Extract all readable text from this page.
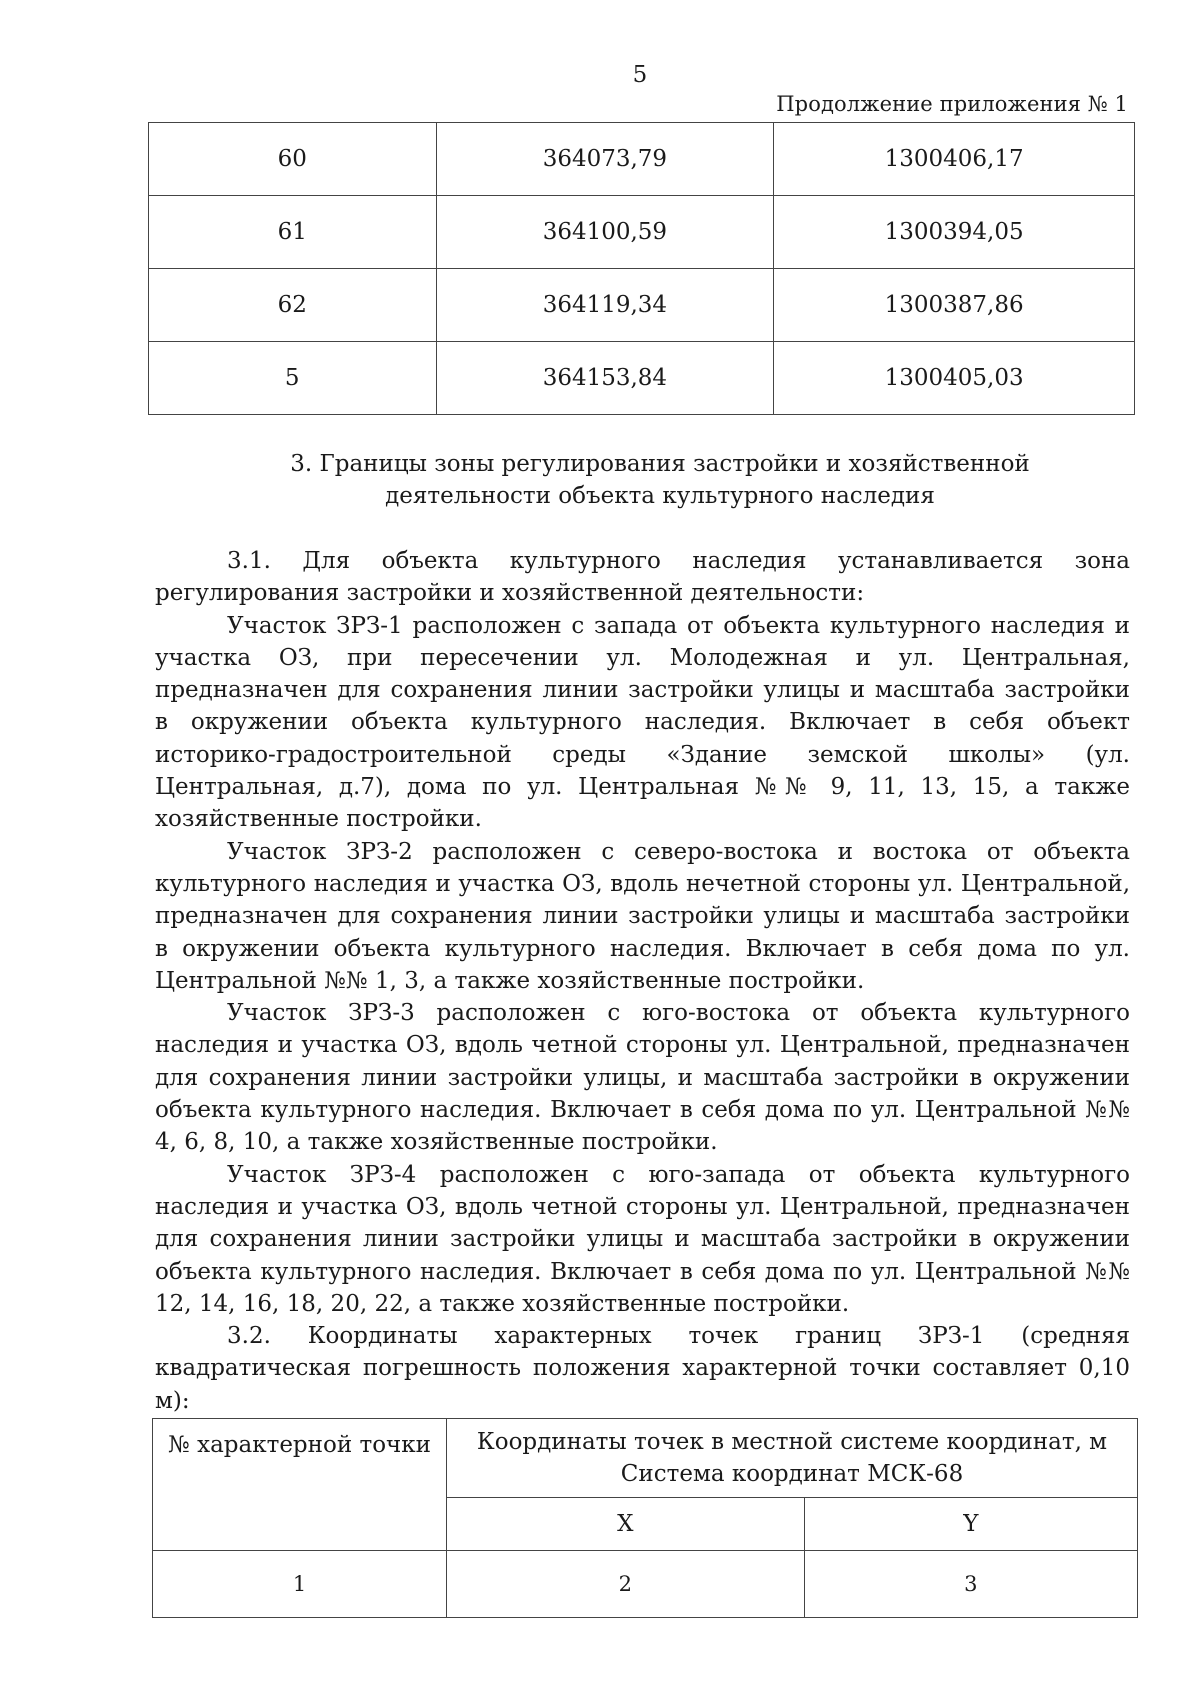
5
Продолжение приложения № 1
60	364073,79	1300406,17
61	364100,59	1300394,05
62	364119,34	1300387,86
5	364153,84	1300405,03
3. Границы зоны регулирования застройки и хозяйственной
деятельности объекта культурного наследия

3.1. Для объекта культурного наследия устанавливается зона регулирования застройки и хозяйственной деятельности:

Участок ЗРЗ-1 расположен с запада от объекта культурного наследия и участка ОЗ, при пересечении ул. Молодежная и ул. Центральная, предназначен для сохранения линии застройки улицы и масштаба застройки в окружении объекта культурного наследия. Включает в себя объект историко-градостроительной среды «Здание земской школы» (ул. Центральная, д.7), дома по ул. Центральная №№ 9, 11, 13, 15, а также хозяйственные постройки.

Участок ЗРЗ-2 расположен с северо-востока и востока от объекта культурного наследия и участка ОЗ, вдоль нечетной стороны ул. Центральной, предназначен для сохранения линии застройки улицы и масштаба застройки в окружении объекта культурного наследия. Включает в себя дома по ул. Центральной №№ 1, 3, а также хозяйственные постройки.

Участок ЗРЗ-3 расположен с юго-востока от объекта культурного наследия и участка ОЗ, вдоль четной стороны ул. Центральной, предназначен для сохранения линии застройки улицы, и масштаба застройки в окружении объекта культурного наследия. Включает в себя дома по ул. Центральной №№ 4, 6, 8, 10, а также хозяйственные постройки.

Участок ЗРЗ-4 расположен с юго-запада от объекта культурного наследия и участка ОЗ, вдоль четной стороны ул. Центральной, предназначен для сохранения линии застройки улицы и масштаба застройки в окружении объекта культурного наследия. Включает в себя дома по ул. Центральной №№ 12, 14, 16, 18, 20, 22, а также хозяйственные постройки.

3.2. Координаты характерных точек границ ЗРЗ-1 (средняя квадратическая погрешность положения характерной точки составляет 0,10 м):

№ характерной точки	Координаты точек в местной системе координат, м
Система координат МСК-68	

	X	Y
1	2	3
